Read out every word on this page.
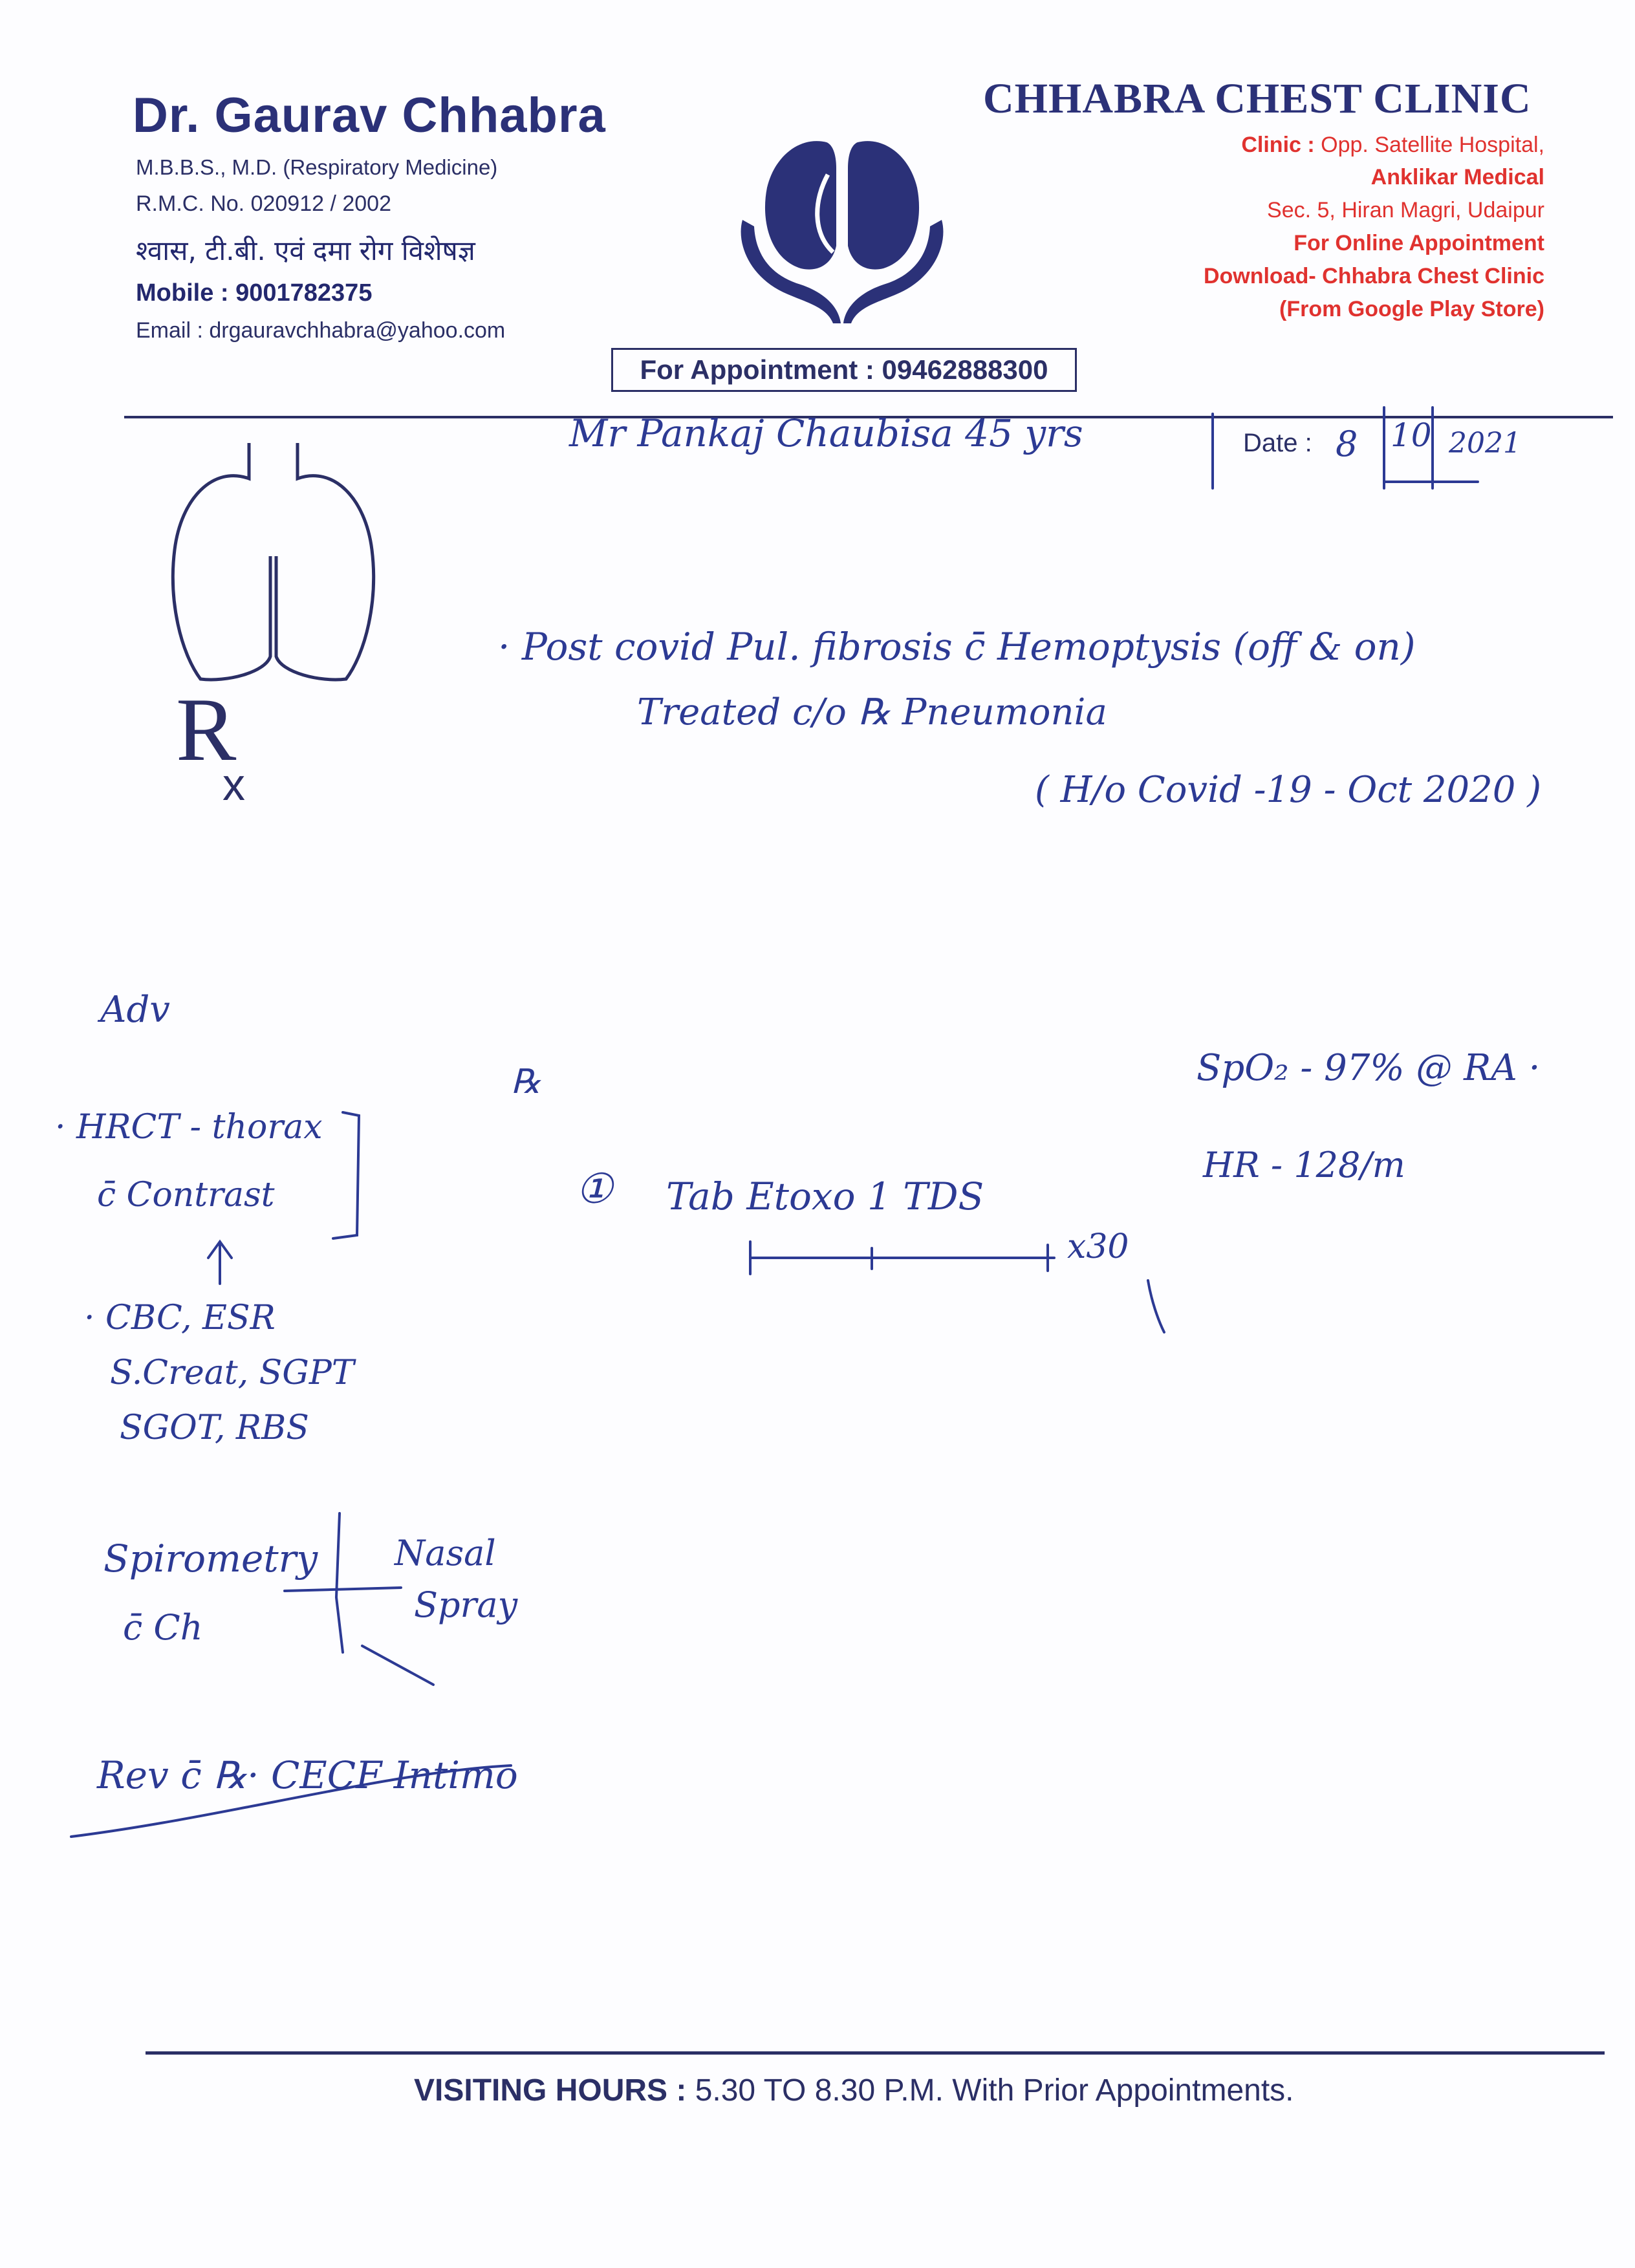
Dr. Gaurav Chhabra
M.B.B.S., M.D. (Respiratory Medicine)
R.M.C. No. 020912 / 2002
श्वास, टी.बी. एवं दमा रोग विशेषज्ञ
Mobile : 9001782375
Email : drgauravchhabra@yahoo.com
CHHABRA CHEST CLINIC
Clinic : Opp. Satellite Hospital,
Anklikar Medical
Sec. 5, Hiran Magri, Udaipur
For Online Appointment
Download- Chhabra Chest Clinic
(From Google Play Store)
For Appointment : 09462888300
Date :
R
x
Mr Pankaj Chaubisa 45 yrs	8 10 2021
· Post covid Pul. fibrosis c̄ Hemoptysis (off & on)
Treated c/o ℞ Pneumonia
( H/o Covid -19 - Oct 2020 )
Adv
· HRCT - thorax
c̄ Contrast
· CBC, ESR
S.Creat, SGPT
SGOT, RBS
Spirometry
c̄ Ch
Nasal
Spray
Rev c̄ ℞· CECF Intimo
℞
① Tab Etoxo 1 TDS
x30
SpO₂ - 97% @ RA ·
HR - 128/m
VISITING HOURS : 5.30 TO 8.30 P.M. With Prior Appointments.
